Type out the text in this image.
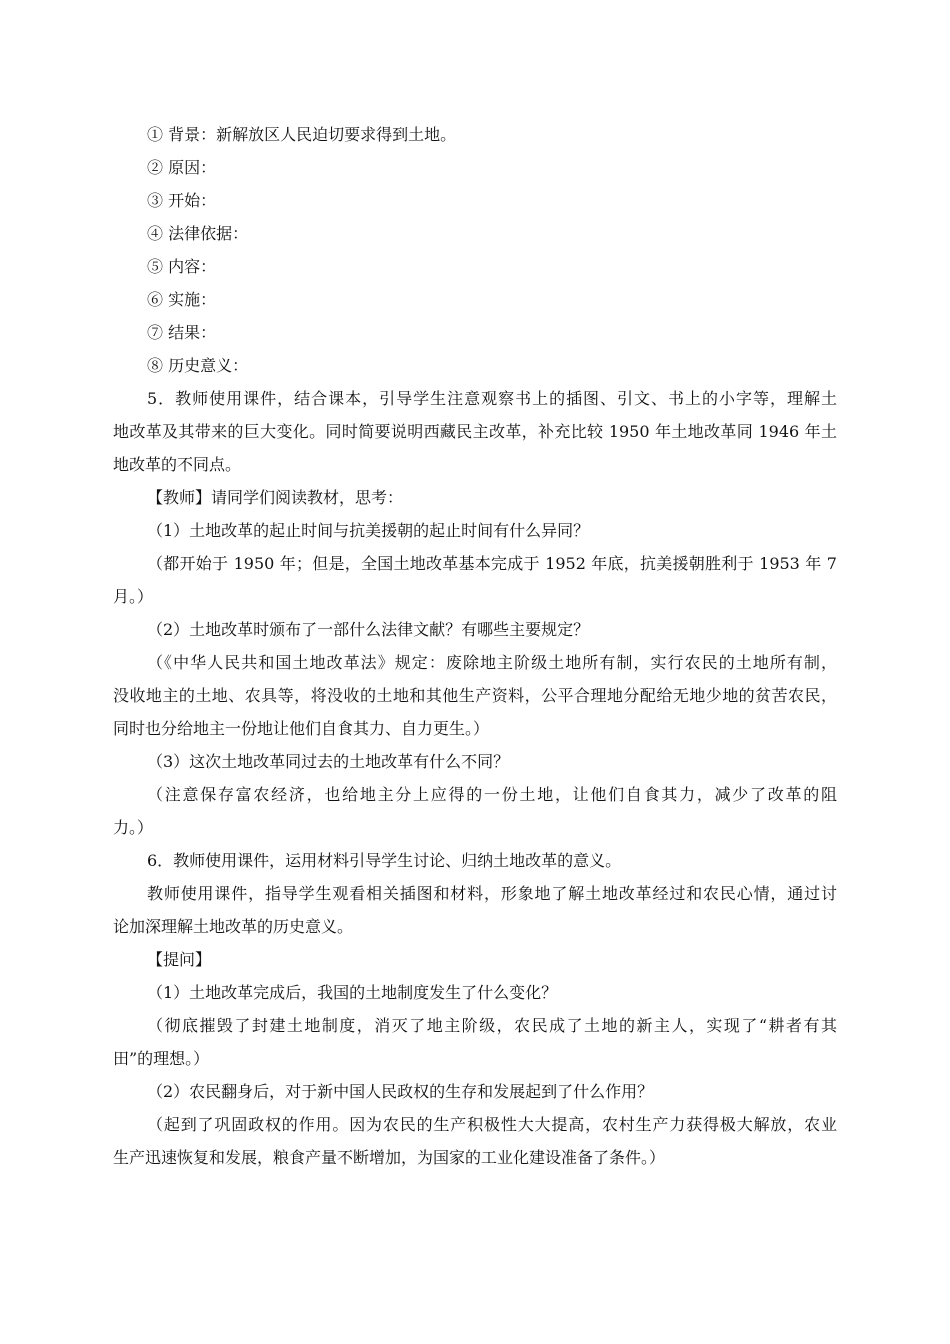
① 背景：新解放区人民迫切要求得到土地。
② 原因：
③ 开始：
④ 法律依据：
⑤ 内容：
⑥ 实施：
⑦ 结果：
⑧ 历史意义：
5．教师使用课件，结合课本，引导学生注意观察书上的插图、引文、书上的小字等，理解土
地改革及其带来的巨大变化。同时简要说明西藏民主改革，补充比较 1950 年土地改革同 1946 年土
地改革的不同点。
【教师】请同学们阅读教材，思考：
（1）土地改革的起止时间与抗美援朝的起止时间有什么异同？
（都开始于 1950 年；但是，全国土地改革基本完成于 1952 年底，抗美援朝胜利于 1953 年 7
月。）
（2）土地改革时颁布了一部什么法律文献？有哪些主要规定？
（《中华人民共和国土地改革法》规定：废除地主阶级土地所有制，实行农民的土地所有制，
没收地主的土地、农具等，将没收的土地和其他生产资料，公平合理地分配给无地少地的贫苦农民，
同时也分给地主一份地让他们自食其力、自力更生。）
（3）这次土地改革同过去的土地改革有什么不同？
（注意保存富农经济，也给地主分上应得的一份土地，让他们自食其力，减少了改革的阻
力。）
6．教师使用课件，运用材料引导学生讨论、归纳土地改革的意义。
教师使用课件，指导学生观看相关插图和材料，形象地了解土地改革经过和农民心情，通过讨
论加深理解土地改革的历史意义。
【提问】
（1）土地改革完成后，我国的土地制度发生了什么变化？
（彻底摧毁了封建土地制度，消灭了地主阶级，农民成了土地的新主人，实现了“耕者有其
田”的理想。）
（2）农民翻身后，对于新中国人民政权的生存和发展起到了什么作用？
（起到了巩固政权的作用。因为农民的生产积极性大大提高，农村生产力获得极大解放，农业
生产迅速恢复和发展，粮食产量不断增加，为国家的工业化建设准备了条件。）
